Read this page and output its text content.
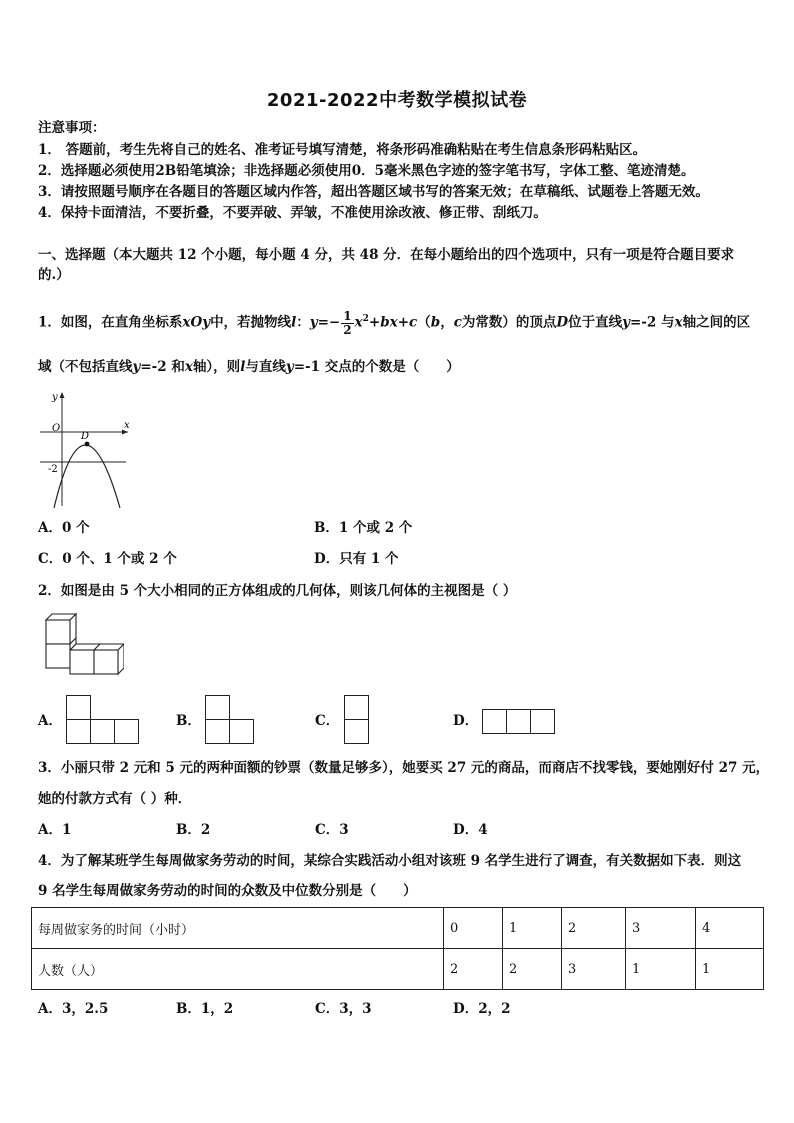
2021-2022中考数学模拟试卷
注意事项：
1． 答题前，考生先将自己的姓名、准考证号填写清楚，将条形码准确粘贴在考生信息条形码粘贴区。
2．选择题必须使用2B铅笔填涂；非选择题必须使用0．5毫米黑色字迹的签字笔书写，字体工整、笔迹清楚。
3．请按照题号顺序在各题目的答题区域内作答，超出答题区域书写的答案无效；在草稿纸、试题卷上答题无效。
4．保持卡面清洁，不要折叠，不要弄破、弄皱，不准使用涂改液、修正带、刮纸刀。
一、选择题（本大题共 12 个小题，每小题 4 分，共 48 分．在每小题给出的四个选项中，只有一项是符合题目要求
的.）
1．如图，在直角坐标系xOy中，若抛物线l：$y=- \frac{1}{2} x^2+bx+c(b$，c为常数）的顶点D位于直线y=-2 与x轴之间的区
域（不包括直线y=-2 和x轴），则l与直线y=-1 交点的个数是（　　）
y
x
O
D
-2
A．0 个	B．1 个或 2 个
C．0 个、1 个或 2 个	D．只有 1 个
2．如图是由 5 个大小相同的正方体组成的几何体，则该几何体的主视图是（ ）
A．	B．	C．	D．
3．小丽只带 2 元和 5 元的两种面额的钞票（数量足够多），她要买 27 元的商品，而商店不找零钱，要她刚好付 27 元，
她的付款方式有（ ）种．
A．1	B．2	C．3	D．4
4．为了解某班学生每周做家务劳动的时间，某综合实践活动小组对该班 9 名学生进行了调查，有关数据如下表．则这
9 名学生每周做家务劳动的时间的众数及中位数分别是（　　）
每周做家务的时间（小时）	0	1	2	3	4
人数（人）	2	2	3	1	1
A．3，2.5	B．1，2	C．3，3	D．2，2
